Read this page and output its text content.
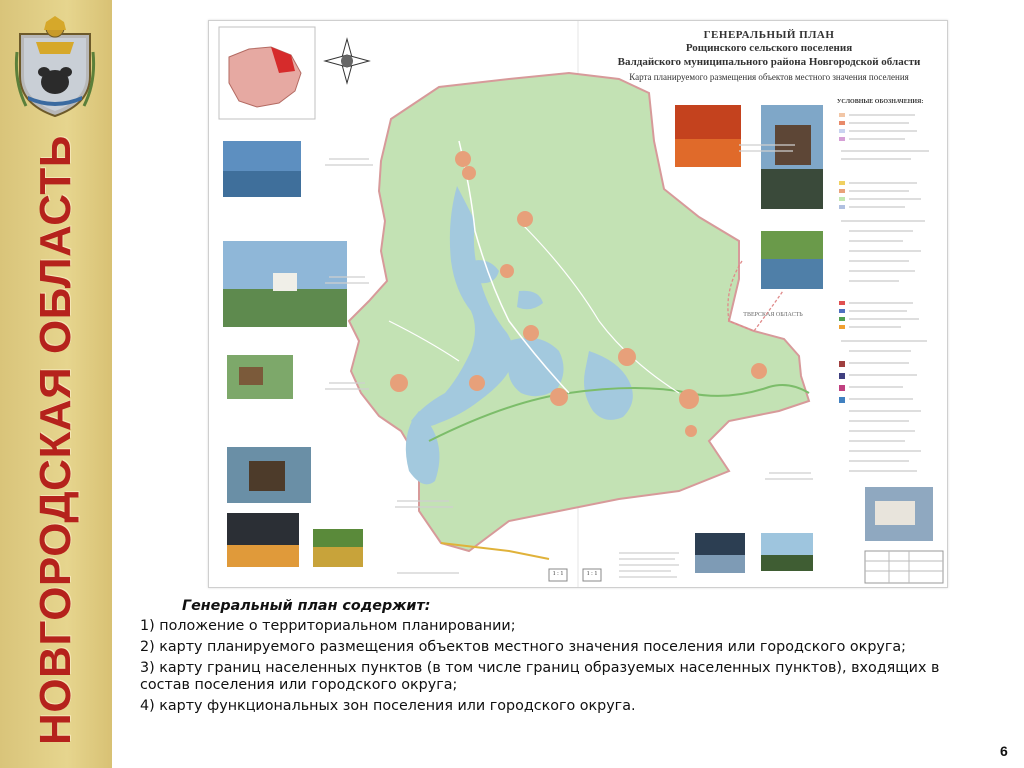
НОВГОРОДСКАЯ ОБЛАСТЬ
ГЕНЕРАЛЬНЫЙ ПЛАН
Рощинского сельского поселения
Валдайского муниципального района Новгородской области
Карта планируемого размещения объектов местного значения поселения
УСЛОВНЫЕ ОБОЗНАЧЕНИЯ:
ТВЕРСКАЯ ОБЛАСТЬ
1 : 1	1 : 1
Генеральный план содержит:
1) положение о территориальном планировании;
2) карту планируемого размещения объектов местного значения поселения или городского округа;
3) карту границ населенных пунктов (в том числе границ образуемых населенных пунктов), входящих в состав поселения или городского округа;
4) карту функциональных зон поселения или городского округа.
6
